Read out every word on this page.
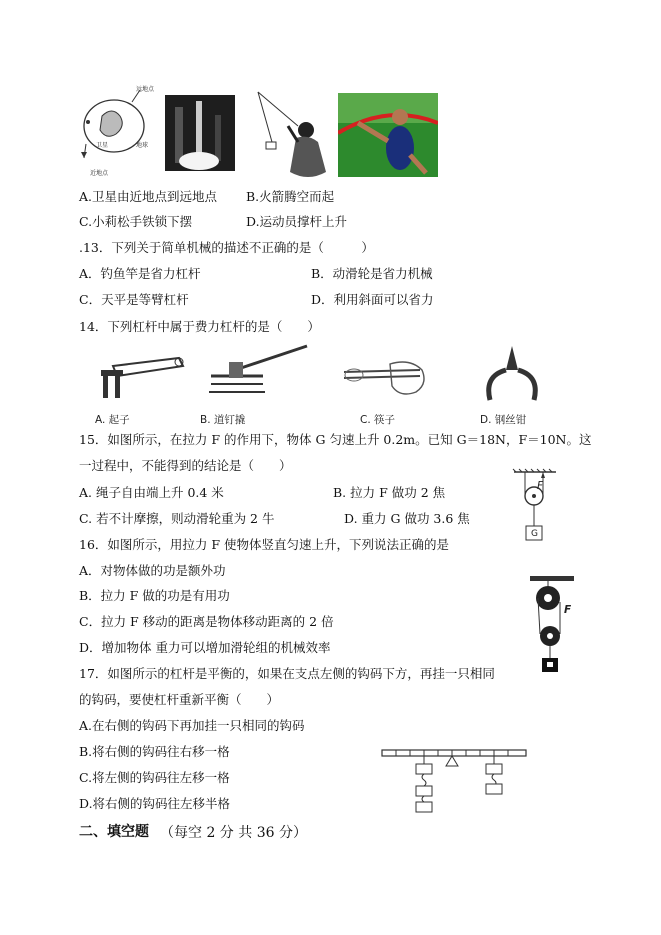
远地点
卫星	地球
近地点
A.卫星由近地点到远地点 B.火箭腾空而起
C.小莉松手铁锁下摆	D.运动员撑杆上升
.13．下列关于简单机械的描述不正确的是（　　　）
A．钓鱼竿是省力杠杆	B．动滑轮是省力机械
C．天平是等臂杠杆	D．利用斜面可以省力
14．下列杠杆中属于费力杠杆的是（　　）
A. 起子	B. 道钉撬	C. 筷子	D. 钢丝钳
15．如图所示，在拉力 F 的作用下，物体 G 匀速上升 0.2m。已知 G＝18N，F＝10N。这
一过程中，不能得到的结论是（　　）
A. 绳子自由端上升 0.4 米	B. 拉力 F 做功 2 焦
C. 若不计摩擦，则动滑轮重为 2 牛	D. 重力 G 做功 3.6 焦
F
G
16．如图所示，用拉力 F 使物体竖直匀速上升，下列说法正确的是
A．对物体做的功是额外功
B．拉力 F 做的功是有用功
C．拉力 F 移动的距离是物体移动距离的 2 倍
D．增加物体 重力可以增加滑轮组的机械效率
F
17．如图所示的杠杆是平衡的，如果在支点左侧的钩码下方，再挂一只相同
的钩码，要使杠杆重新平衡（　　）
A.在右侧的钩码下再加挂一只相同的钩码
B.将右侧的钩码往右移一格
C.将左侧的钩码往左移一格
D.将右侧的钩码往左移半格
二、填空题 （每空 2 分 共 36 分）
